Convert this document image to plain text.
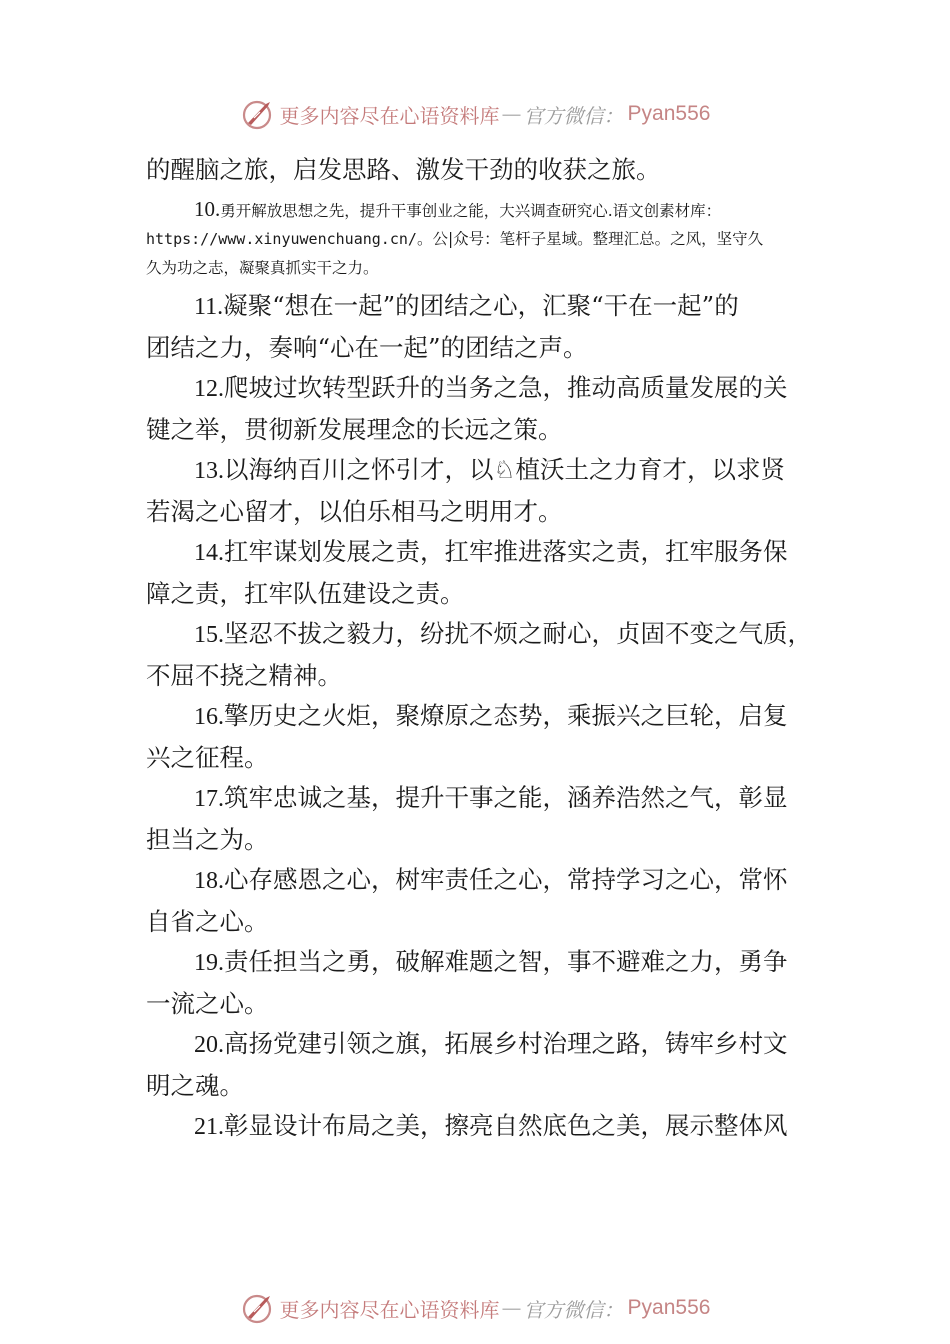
更多内容尽在心语资料库 — 官方微信： Pyan556
的醒脑之旅，启发思路、激发干劲的收获之旅。
10.勇开解放思想之先，提升干事创业之能，大兴调查研究心.语文创素材库：
https://www.xinyuwenchuang.cn/。公|众号：笔杆子星域。整理汇总。之风，坚守久
久为功之志，凝聚真抓实干之力。
11.凝聚“想在一起”的团结之心，汇聚“干在一起”的
团结之力，奏响“心在一起”的团结之声。
12.爬坡过坎转型跃升的当务之急，推动高质量发展的关
键之举，贯彻新发展理念的长远之策。
13.以海纳百川之怀引才，以♘植沃土之力育才，以求贤
若渴之心留才，以伯乐相马之明用才。
14.扛牢谋划发展之责，扛牢推进落实之责，扛牢服务保
障之责，扛牢队伍建设之责。
15.坚忍不拔之毅力，纷扰不烦之耐心，贞固不变之气质，
不屈不挠之精神。
16.擎历史之火炬，聚燎原之态势，乘振兴之巨轮，启复
兴之征程。
17.筑牢忠诚之基，提升干事之能，涵养浩然之气，彰显
担当之为。
18.心存感恩之心，树牢责任之心，常持学习之心，常怀
自省之心。
19.责任担当之勇，破解难题之智，事不避难之力，勇争
一流之心。
20.高扬党建引领之旗，拓展乡村治理之路，铸牢乡村文
明之魂。
21.彰显设计布局之美，擦亮自然底色之美，展示整体风
更多内容尽在心语资料库 — 官方微信： Pyan556
